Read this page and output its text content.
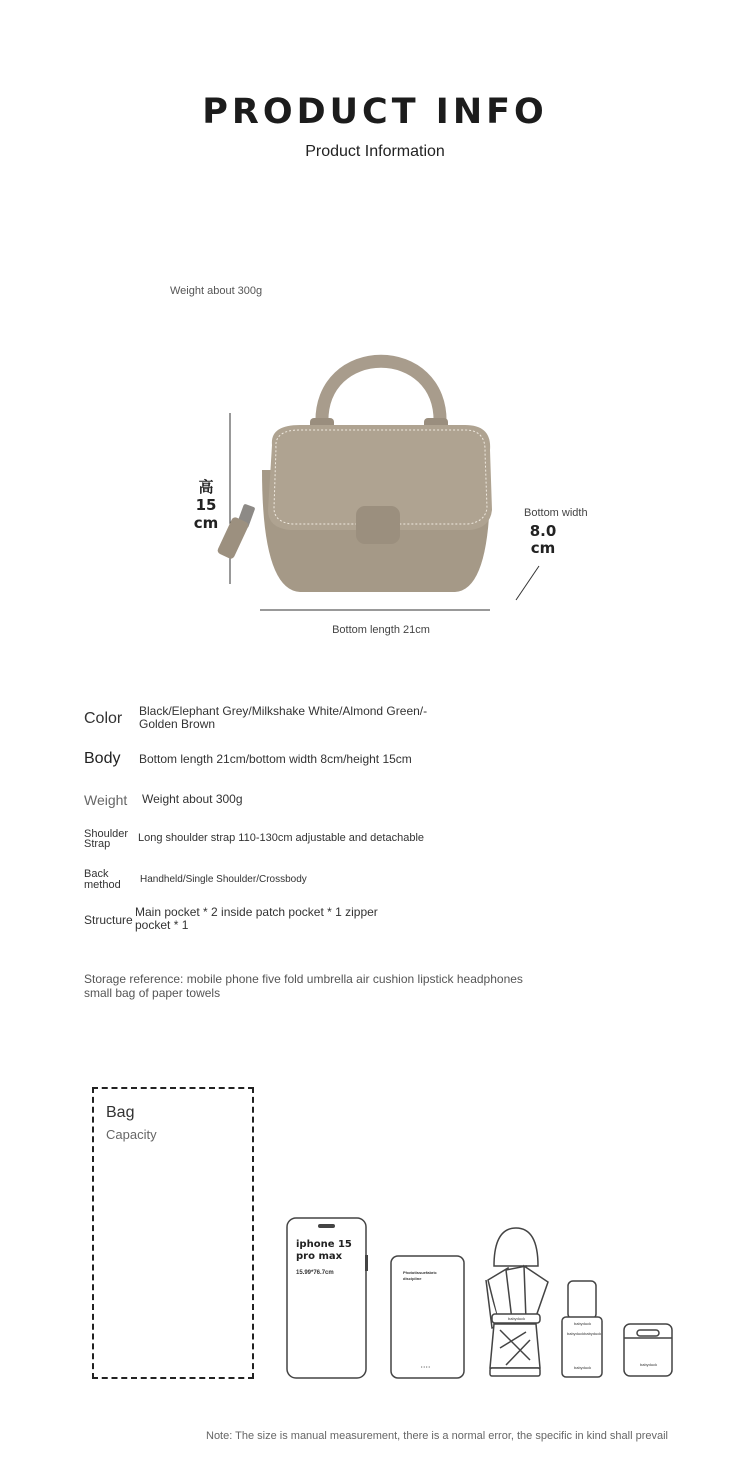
PRODUCT INFO
Product Information
Weight about 300g
高
15
cm
Bottom width
8.0
cm
Bottom length 21cm
Color Black/Elephant Grey/Milkshake White/Almond Green/-
Golden Brown
Body Bottom length 21cm/bottom width 8cm/height 15cm
Weight Weight about 300g
Shoulder
Strap	Long shoulder strap 110-130cm adjustable and detachable
Back
method Handheld/Single Shoulder/Crossbody
Structure
Main pocket * 2 inside patch pocket * 1 zipper
pocket * 1
Storage reference: mobile phone five fold umbrella air cushion lipstick headphones small bag of paper towels
Bag
Capacity
iphone 15
pro max
15.99*76.7cm	Phototissuefabric
discipline
• • • •
babyduck
babyduck
babyduckbabyduck
babyduck
babyduck
Note: The size is manual measurement, there is a normal error, the specific in kind shall prevail
